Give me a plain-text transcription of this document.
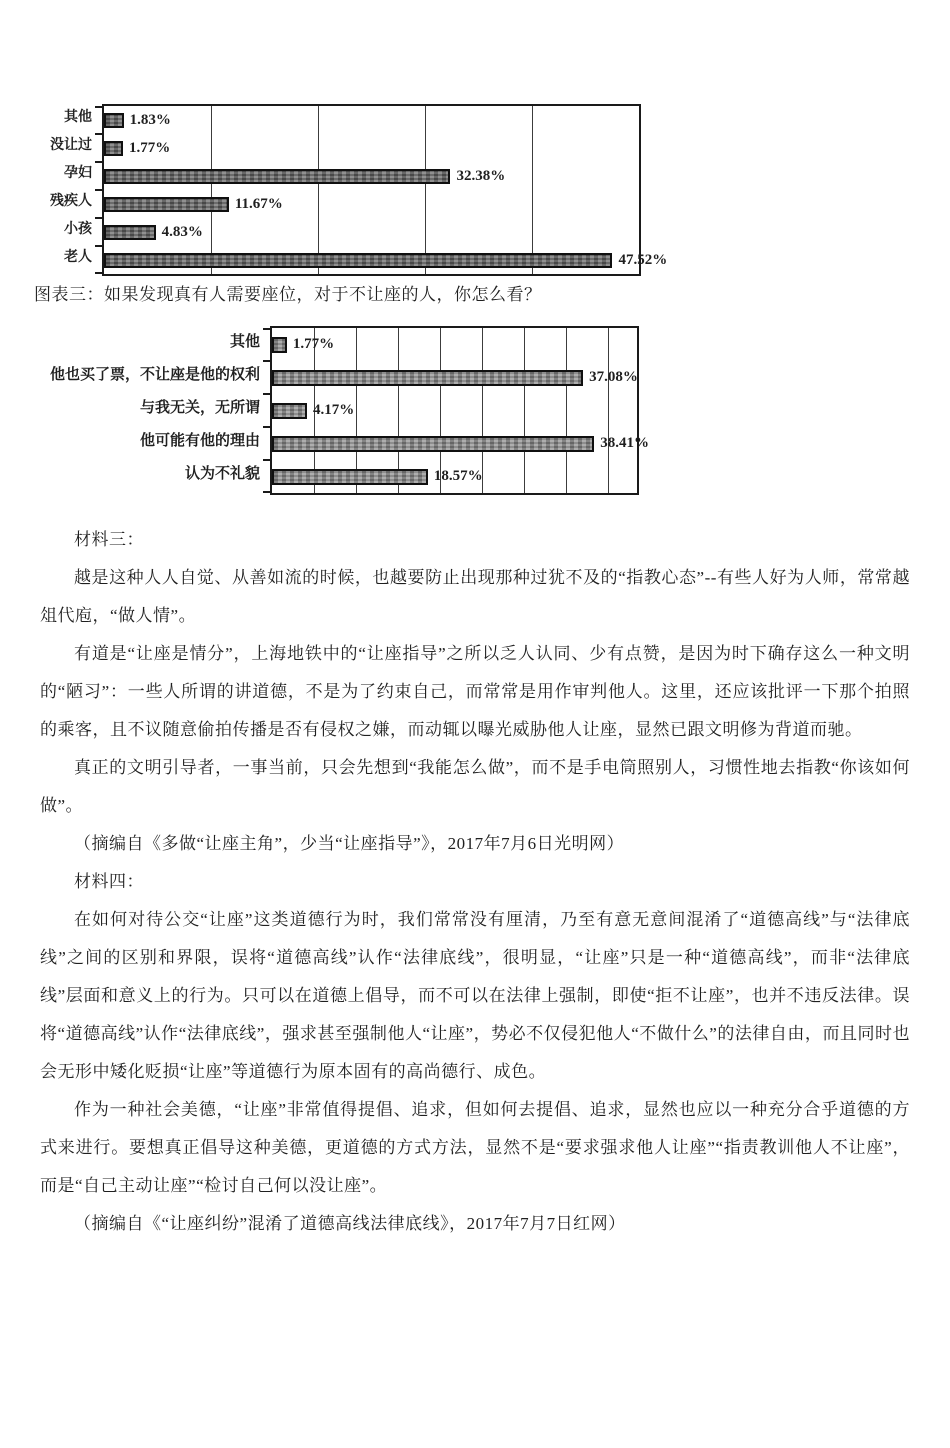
其他
没让过
孕妇
残疾人
小孩
老人
1.83%
1.77%
32.38%
11.67%
4.83%
47.52%

图表三：如果发现真有人需要座位，对于不让座的人，你怎么看？

其他
他也买了票，不让座是他的权利
与我无关，无所谓
他可能有他的理由
认为不礼貌
1.77%
37.08%
4.17%
38.41%
18.57%

材料三：

越是这种人人自觉、从善如流的时候，也越要防止出现那种过犹不及的“指教心态”--有些人好为人师，常常越俎代庖，“做人情”。

有道是“让座是情分”，上海地铁中的“让座指导”之所以乏人认同、少有点赞，是因为时下确存这么一种文明的“陋习”：一些人所谓的讲道德，不是为了约束自己，而常常是用作审判他人。这里，还应该批评一下那个拍照的乘客，且不议随意偷拍传播是否有侵权之嫌，而动辄以曝光威胁他人让座，显然已跟文明修为背道而驰。

真正的文明引导者，一事当前，只会先想到“我能怎么做”，而不是手电筒照别人，习惯性地去指教“你该如何做”。

（摘编自《多做“让座主角”，少当“让座指导”》，2017年7月6日光明网）

材料四：

在如何对待公交“让座”这类道德行为时，我们常常没有厘清，乃至有意无意间混淆了“道德高线”与“法律底线”之间的区别和界限，误将“道德高线”认作“法律底线”，很明显，“让座”只是一种“道德高线”，而非“法律底线”层面和意义上的行为。只可以在道德上倡导，而不可以在法律上强制，即使“拒不让座”，也并不违反法律。误将“道德高线”认作“法律底线”，强求甚至强制他人“让座”，势必不仅侵犯他人“不做什么”的法律自由，而且同时也会无形中矮化贬损“让座”等道德行为原本固有的高尚德行、成色。

作为一种社会美德，“让座”非常值得提倡、追求，但如何去提倡、追求，显然也应以一种充分合乎道德的方式来进行。要想真正倡导这种美德，更道德的方式方法，显然不是“要求强求他人让座”“指责教训他人不让座”，而是“自己主动让座”“检讨自己何以没让座”。

（摘编自《“让座纠纷”混淆了道德高线法律底线》，2017年7月7日红网）
